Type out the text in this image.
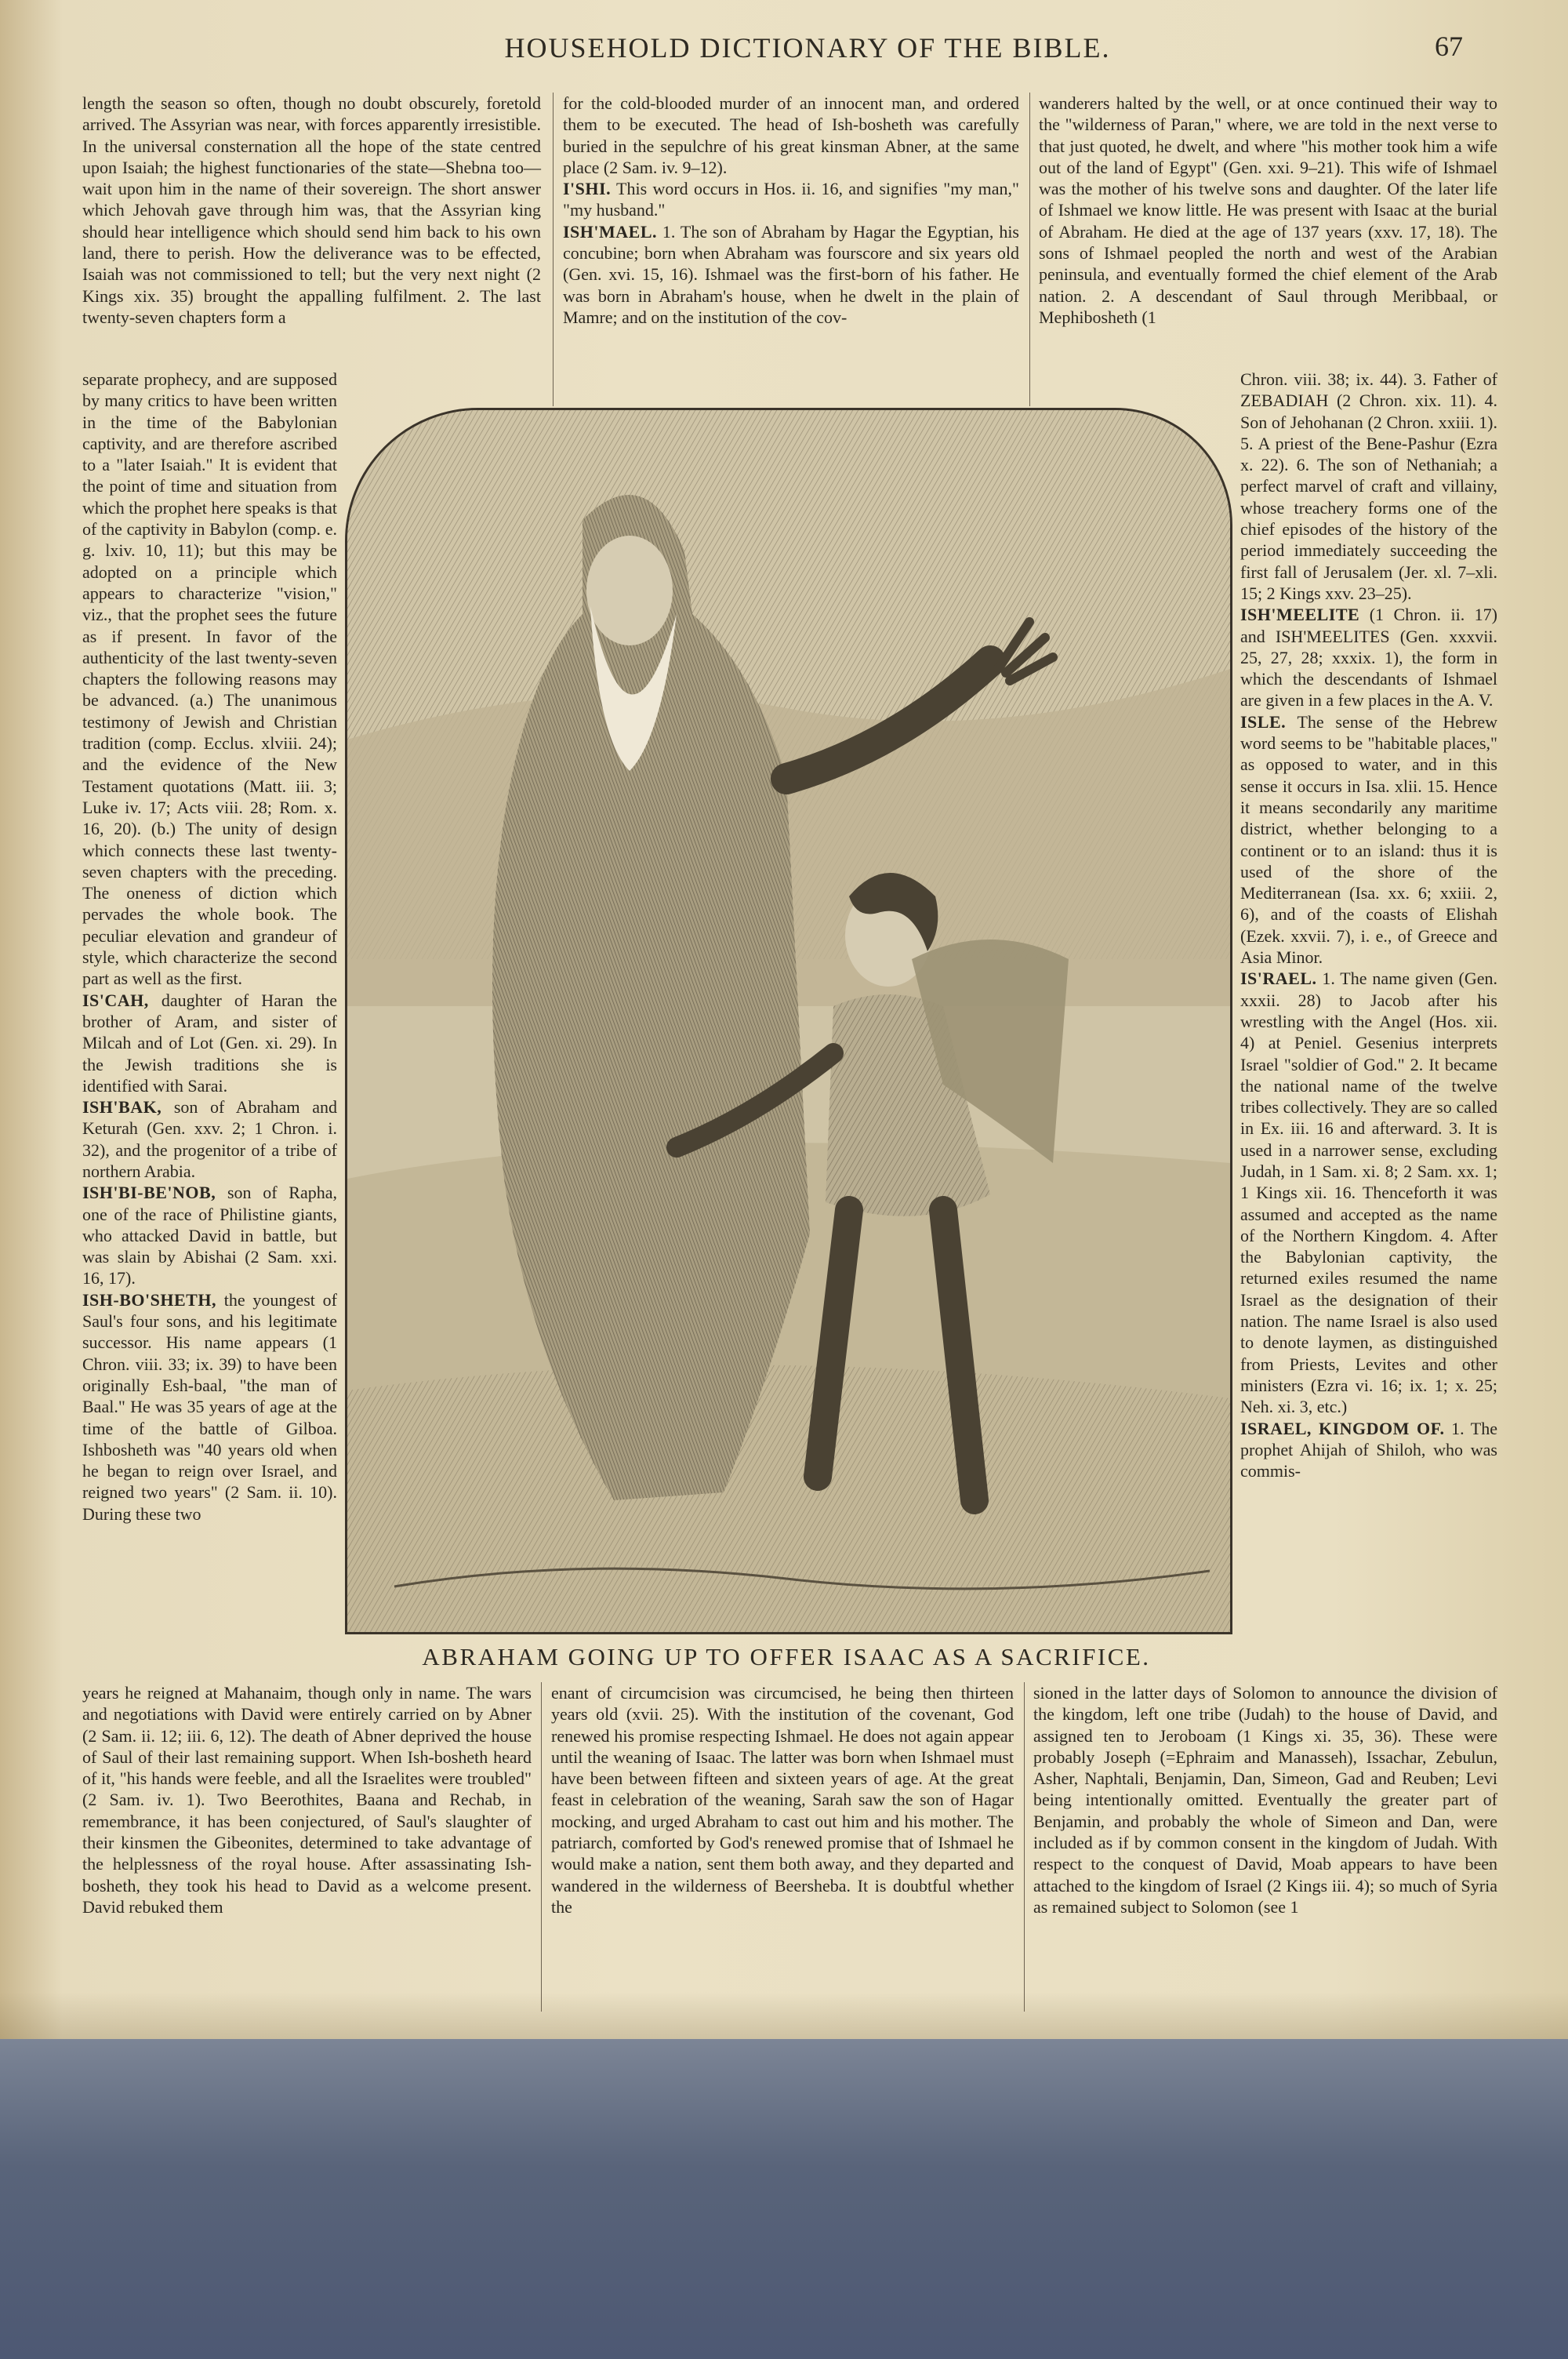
HOUSEHOLD DICTIONARY OF THE BIBLE.	67

length the season so often, though no doubt obscurely, foretold arrived. The Assyrian was near, with forces apparently irresistible. In the universal consternation all the hope of the state centred upon Isaiah; the highest functionaries of the state—Shebna too—wait upon him in the name of their sovereign. The short answer which Jehovah gave through him was, that the Assyrian king should hear intelligence which should send him back to his own land, there to perish. How the deliverance was to be effected, Isaiah was not commissioned to tell; but the very next night (2 Kings xix. 35) brought the appalling fulfilment. 2. The last twenty-seven chapters form a

for the cold-blooded murder of an innocent man, and ordered them to be executed. The head of Ish-bosheth was carefully buried in the sepulchre of his great kinsman Abner, at the same place (2 Sam. iv. 9–12).

I'SHI. This word occurs in Hos. ii. 16, and signifies "my man," "my husband."

ISH'MAEL. 1. The son of Abraham by Hagar the Egyptian, his concubine; born when Abraham was fourscore and six years old (Gen. xvi. 15, 16). Ishmael was the first-born of his father. He was born in Abraham's house, when he dwelt in the plain of Mamre; and on the institution of the cov-

wanderers halted by the well, or at once continued their way to the "wilderness of Paran," where, we are told in the next verse to that just quoted, he dwelt, and where "his mother took him a wife out of the land of Egypt" (Gen. xxi. 9–21). This wife of Ishmael was the mother of his twelve sons and daughter. Of the later life of Ishmael we know little. He was present with Isaac at the burial of Abraham. He died at the age of 137 years (xxv. 17, 18). The sons of Ishmael peopled the north and west of the Arabian peninsula, and eventually formed the chief element of the Arab nation. 2. A descendant of Saul through Meribbaal, or Mephibosheth (1

separate prophecy, and are supposed by many critics to have been written in the time of the Babylonian captivity, and are therefore ascribed to a "later Isaiah." It is evident that the point of time and situation from which the prophet here speaks is that of the captivity in Babylon (comp. e. g. lxiv. 10, 11); but this may be adopted on a principle which appears to characterize "vision," viz., that the prophet sees the future as if present. In favor of the authenticity of the last twenty-seven chapters the following reasons may be advanced. (a.) The unanimous testimony of Jewish and Christian tradition (comp. Ecclus. xlviii. 24); and the evidence of the New Testament quotations (Matt. iii. 3; Luke iv. 17; Acts viii. 28; Rom. x. 16, 20). (b.) The unity of design which connects these last twenty-seven chapters with the preceding. The oneness of diction which pervades the whole book. The peculiar elevation and grandeur of style, which characterize the second part as well as the first.

IS'CAH, daughter of Haran the brother of Aram, and sister of Milcah and of Lot (Gen. xi. 29). In the Jewish traditions she is identified with Sarai.

ISH'BAK, son of Abraham and Keturah (Gen. xxv. 2; 1 Chron. i. 32), and the progenitor of a tribe of northern Arabia.

ISH'BI-BE'NOB, son of Rapha, one of the race of Philistine giants, who attacked David in battle, but was slain by Abishai (2 Sam. xxi. 16, 17).

ISH-BO'SHETH, the youngest of Saul's four sons, and his legitimate successor. His name appears (1 Chron. viii. 33; ix. 39) to have been originally Esh-baal, "the man of Baal." He was 35 years of age at the time of the battle of Gilboa. Ishbosheth was "40 years old when he began to reign over Israel, and reigned two years" (2 Sam. ii. 10). During these two

Chron. viii. 38; ix. 44). 3. Father of ZEBADIAH (2 Chron. xix. 11). 4. Son of Jehohanan (2 Chron. xxiii. 1). 5. A priest of the Bene-Pashur (Ezra x. 22). 6. The son of Nethaniah; a perfect marvel of craft and villainy, whose treachery forms one of the chief episodes of the history of the period immediately succeeding the first fall of Jerusalem (Jer. xl. 7–xli. 15; 2 Kings xxv. 23–25).

ISH'MEELITE (1 Chron. ii. 17) and ISH'MEELITES (Gen. xxxvii. 25, 27, 28; xxxix. 1), the form in which the descendants of Ishmael are given in a few places in the A. V.

ISLE. The sense of the Hebrew word seems to be "habitable places," as opposed to water, and in this sense it occurs in Isa. xlii. 15. Hence it means secondarily any maritime district, whether belonging to a continent or to an island: thus it is used of the shore of the Mediterranean (Isa. xx. 6; xxiii. 2, 6), and of the coasts of Elishah (Ezek. xxvii. 7), i. e., of Greece and Asia Minor.

IS'RAEL. 1. The name given (Gen. xxxii. 28) to Jacob after his wrestling with the Angel (Hos. xii. 4) at Peniel. Gesenius interprets Israel "soldier of God." 2. It became the national name of the twelve tribes collectively. They are so called in Ex. iii. 16 and afterward. 3. It is used in a narrower sense, excluding Judah, in 1 Sam. xi. 8; 2 Sam. xx. 1; 1 Kings xii. 16. Thenceforth it was assumed and accepted as the name of the Northern Kingdom. 4. After the Babylonian captivity, the returned exiles resumed the name Israel as the designation of their nation. The name Israel is also used to denote laymen, as distinguished from Priests, Levites and other ministers (Ezra vi. 16; ix. 1; x. 25; Neh. xi. 3, etc.)

ISRAEL, KINGDOM OF. 1. The prophet Ahijah of Shiloh, who was commis-

ABRAHAM GOING UP TO OFFER ISAAC AS A SACRIFICE.

years he reigned at Mahanaim, though only in name. The wars and negotiations with David were entirely carried on by Abner (2 Sam. ii. 12; iii. 6, 12). The death of Abner deprived the house of Saul of their last remaining support. When Ish-bosheth heard of it, "his hands were feeble, and all the Israelites were troubled" (2 Sam. iv. 1). Two Beerothites, Baana and Rechab, in remembrance, it has been conjectured, of Saul's slaughter of their kinsmen the Gibeonites, determined to take advantage of the helplessness of the royal house. After assassinating Ish-bosheth, they took his head to David as a welcome present. David rebuked them

enant of circumcision was circumcised, he being then thirteen years old (xvii. 25). With the institution of the covenant, God renewed his promise respecting Ishmael. He does not again appear until the weaning of Isaac. The latter was born when Ishmael must have been between fifteen and sixteen years of age. At the great feast in celebration of the weaning, Sarah saw the son of Hagar mocking, and urged Abraham to cast out him and his mother. The patriarch, comforted by God's renewed promise that of Ishmael he would make a nation, sent them both away, and they departed and wandered in the wilderness of Beersheba. It is doubtful whether the

sioned in the latter days of Solomon to announce the division of the kingdom, left one tribe (Judah) to the house of David, and assigned ten to Jeroboam (1 Kings xi. 35, 36). These were probably Joseph (=Ephraim and Manasseh), Issachar, Zebulun, Asher, Naphtali, Benjamin, Dan, Simeon, Gad and Reuben; Levi being intentionally omitted. Eventually the greater part of Benjamin, and probably the whole of Simeon and Dan, were included as if by common consent in the kingdom of Judah. With respect to the conquest of David, Moab appears to have been attached to the kingdom of Israel (2 Kings iii. 4); so much of Syria as remained subject to Solomon (see 1
